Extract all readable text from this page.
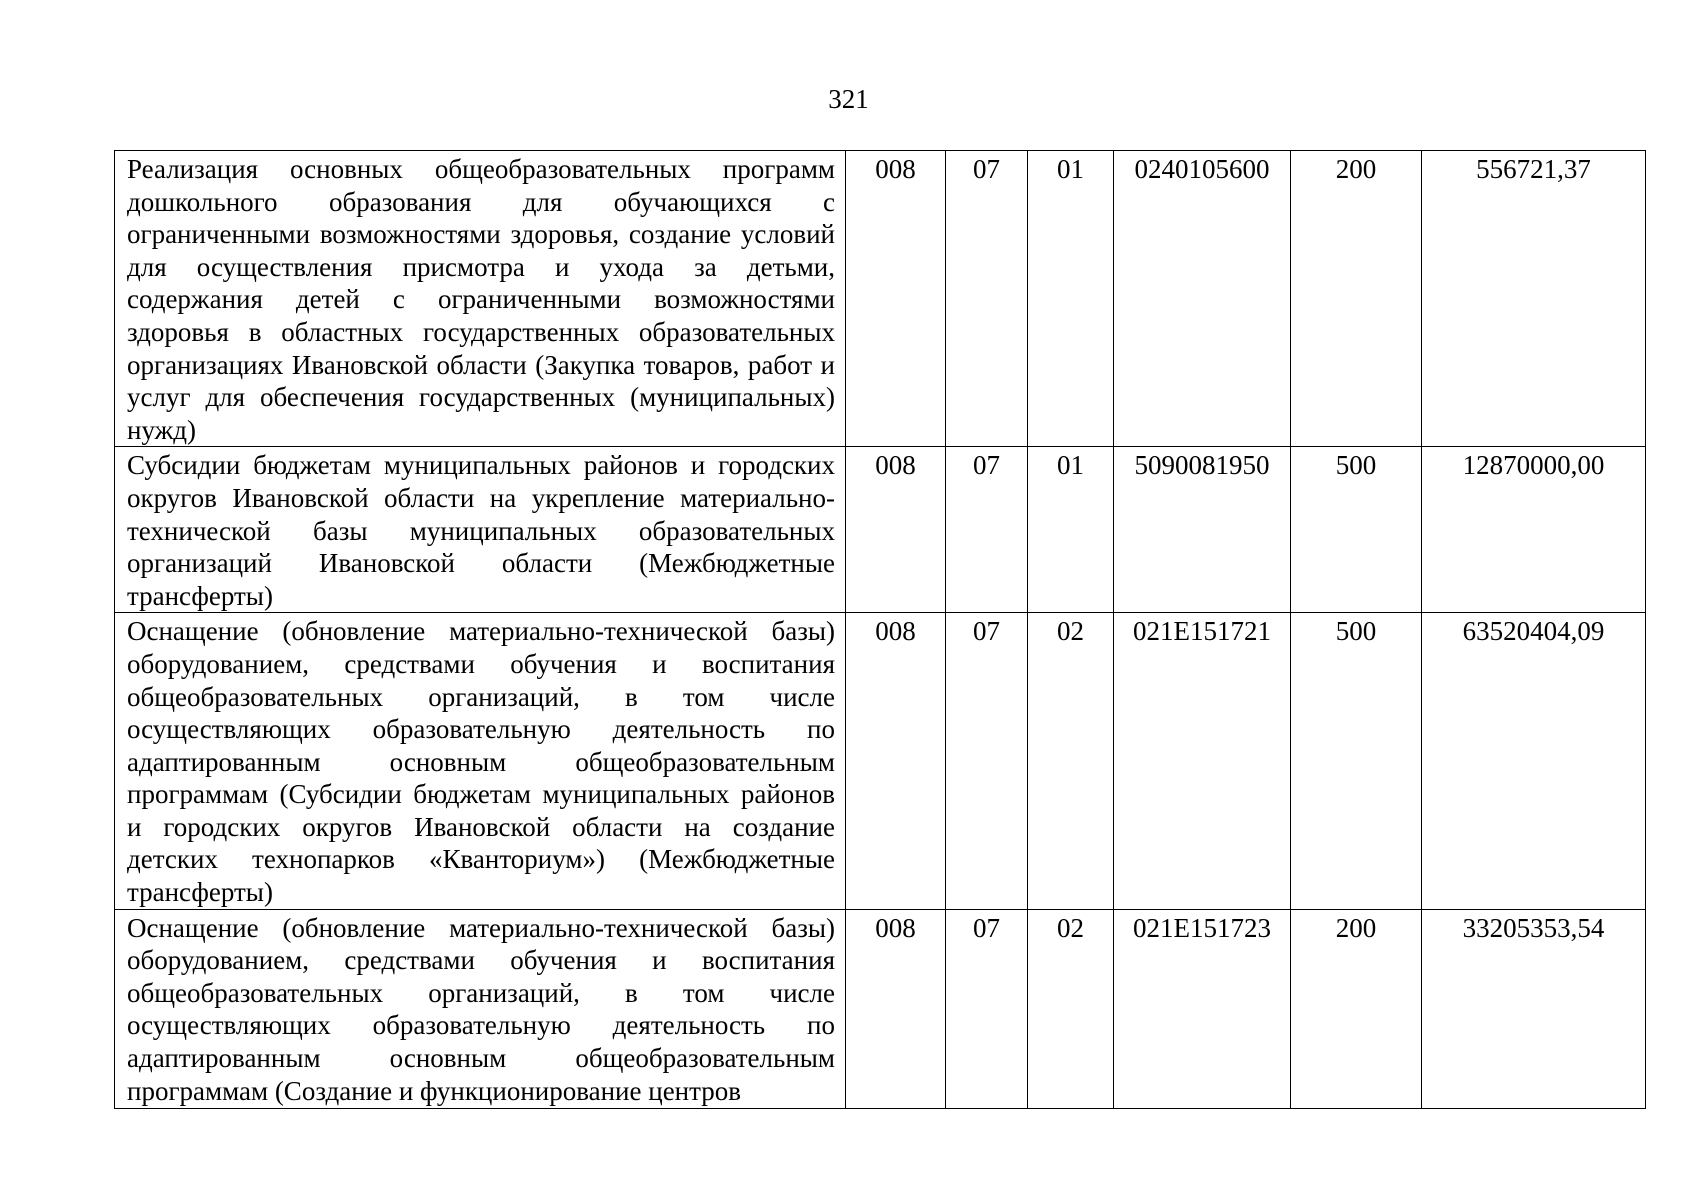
321
Реализация основных общеобразовательных программ дошкольного образования для обучающихся с ограниченными возможностями здоровья, создание условий для осуществления присмотра и ухода за детьми, содержания детей с ограниченными возможностями здоровья в областных государственных образовательных организациях Ивановской области (Закупка товаров, работ и услуг для обеспечения государственных (муниципальных) нужд)	008	07	01	0240105600	200	556721,37
Субсидии бюджетам муниципальных районов и городских округов Ивановской области на укрепление материально-технической базы муниципальных образовательных организаций Ивановской области (Межбюджетные трансферты)	008	07	01	5090081950	500	12870000,00
Оснащение (обновление материально-технической базы) оборудованием, средствами обучения и воспитания общеобразовательных организаций, в том числе осуществляющих образовательную деятельность по адаптированным основным общеобразовательным программам (Субсидии бюджетам муниципальных районов и городских округов Ивановской области на создание детских технопарков «Кванториум») (Межбюджетные трансферты)	008	07	02	021E151721	500	63520404,09

Оснащение (обновление материально-технической базы) оборудованием, средствами обучения и воспитания общеобразовательных организаций, в том числе осуществляющих образовательную деятельность по адаптированным основным общеобразовательным программам (Создание и функционирование центров	008	07	02	021E151723	200	33205353,54
